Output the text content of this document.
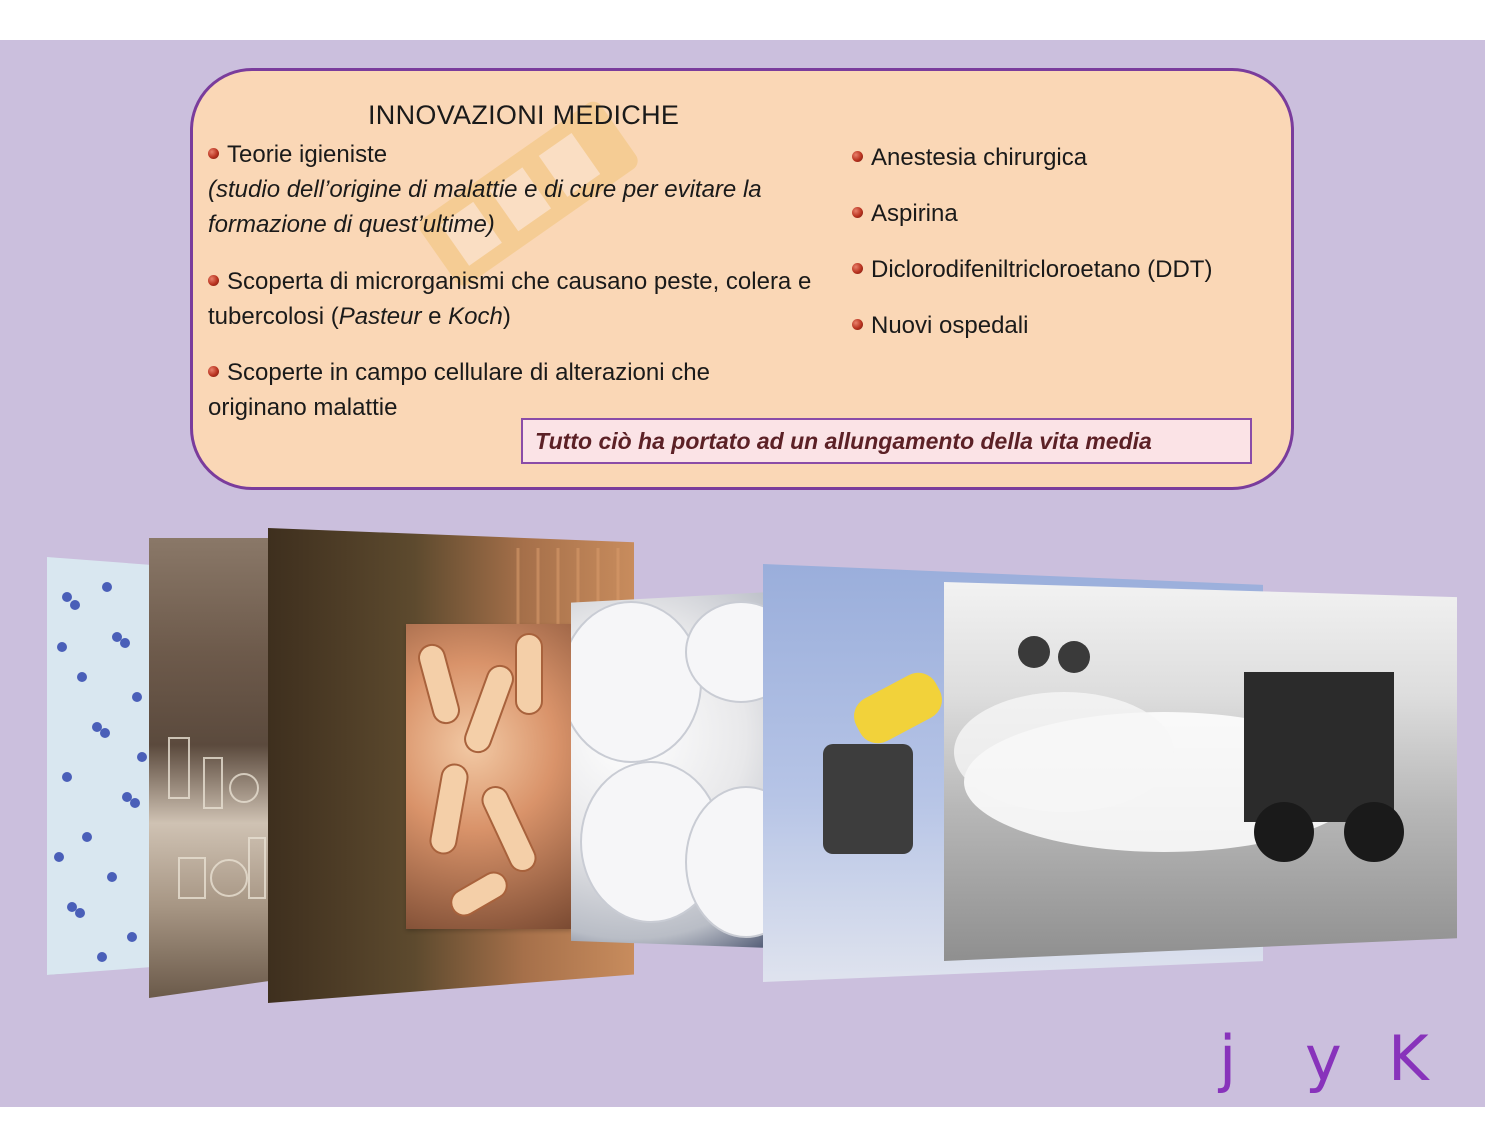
INNOVAZIONI MEDICHE
Teorie igieniste
(studio dell’origine di malattie e di cure per evitare la formazione di quest’ultime)
Scoperta di microrganismi che causano peste, colera e tubercolosi (Pasteur e Koch)
Scoperte in campo cellulare di alterazioni che originano malattie
Anestesia chirurgica
Aspirina
Diclorodifeniltricloroetano (DDT)
Nuovi ospedali
Tutto ciò ha portato ad un allungamento della vita media
j y K
